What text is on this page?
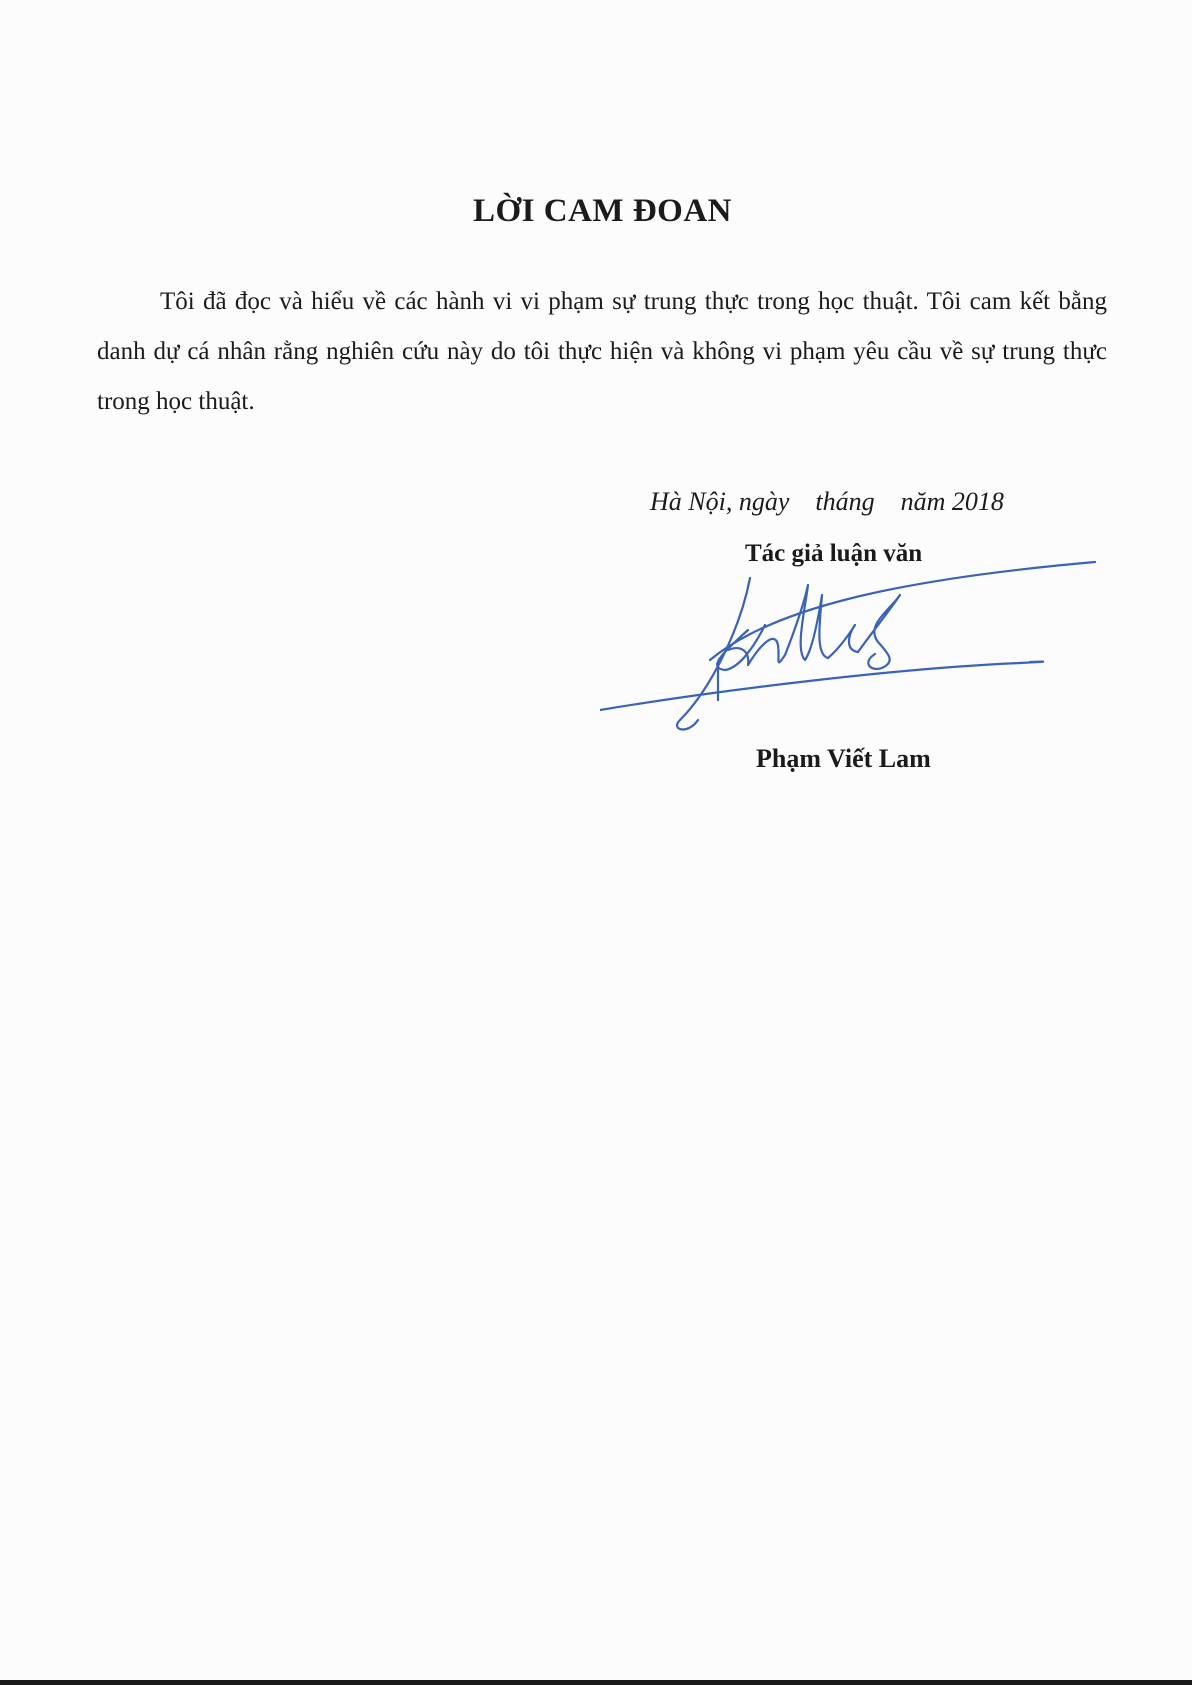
LỜI CAM ĐOAN

Tôi đã đọc và hiểu về các hành vi vi phạm sự trung thực trong học thuật. Tôi cam kết bằng danh dự cá nhân rằng nghiên cứu này do tôi thực hiện và không vi phạm yêu cầu về sự trung thực trong học thuật.

Hà Nội, ngày    tháng    năm 2018

Tác giả luận văn

Phạm Viết Lam
